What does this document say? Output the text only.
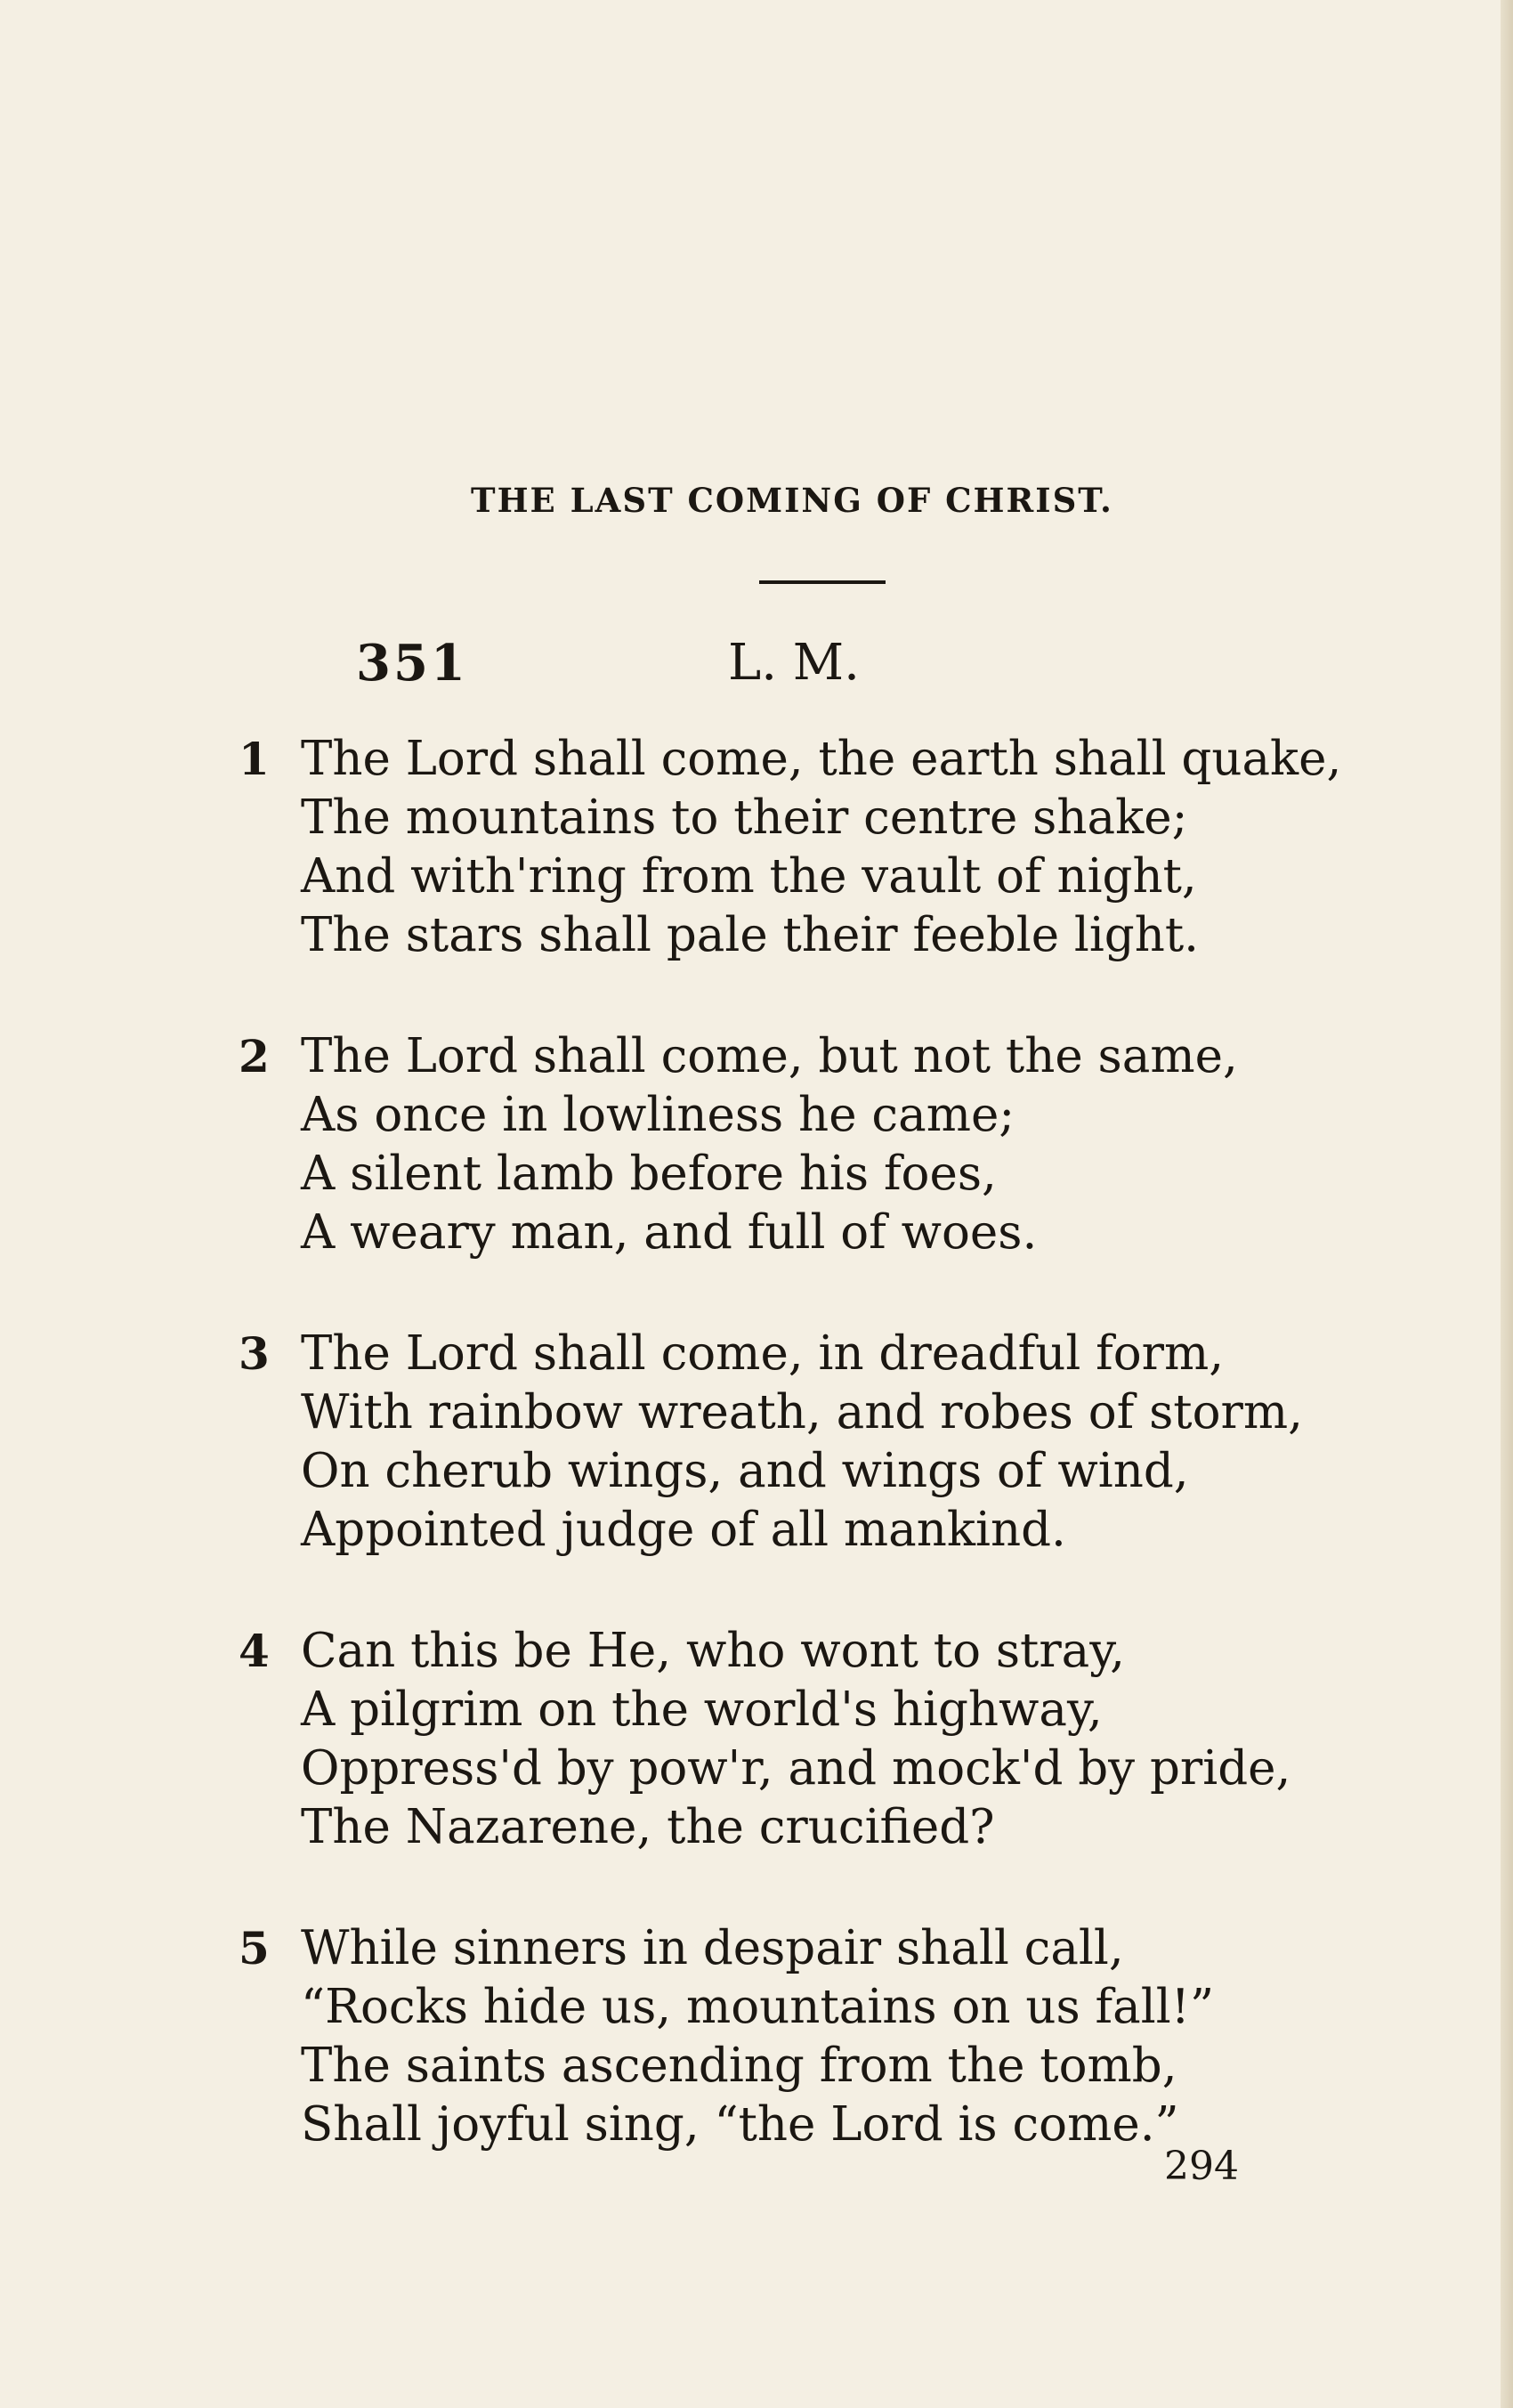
THE LAST COMING OF CHRIST.
351	L. M.
1 The Lord shall come, the earth shall quake,
The mountains to their centre shake;
And with'ring from the vault of night,
The stars shall pale their feeble light.
2 The Lord shall come, but not the same,
As once in lowliness he came;
A silent lamb before his foes,
A weary man, and full of woes.
3 The Lord shall come, in dreadful form,
With rainbow wreath, and robes of storm,
On cherub wings, and wings of wind,
Appointed judge of all mankind.
4 Can this be He, who wont to stray,
A pilgrim on the world's highway,
Oppress'd by pow'r, and mock'd by pride,
The Nazarene, the crucified?
5 While sinners in despair shall call,
“Rocks hide us, mountains on us fall!”
The saints ascending from the tomb,
Shall joyful sing, “the Lord is come.”
294
